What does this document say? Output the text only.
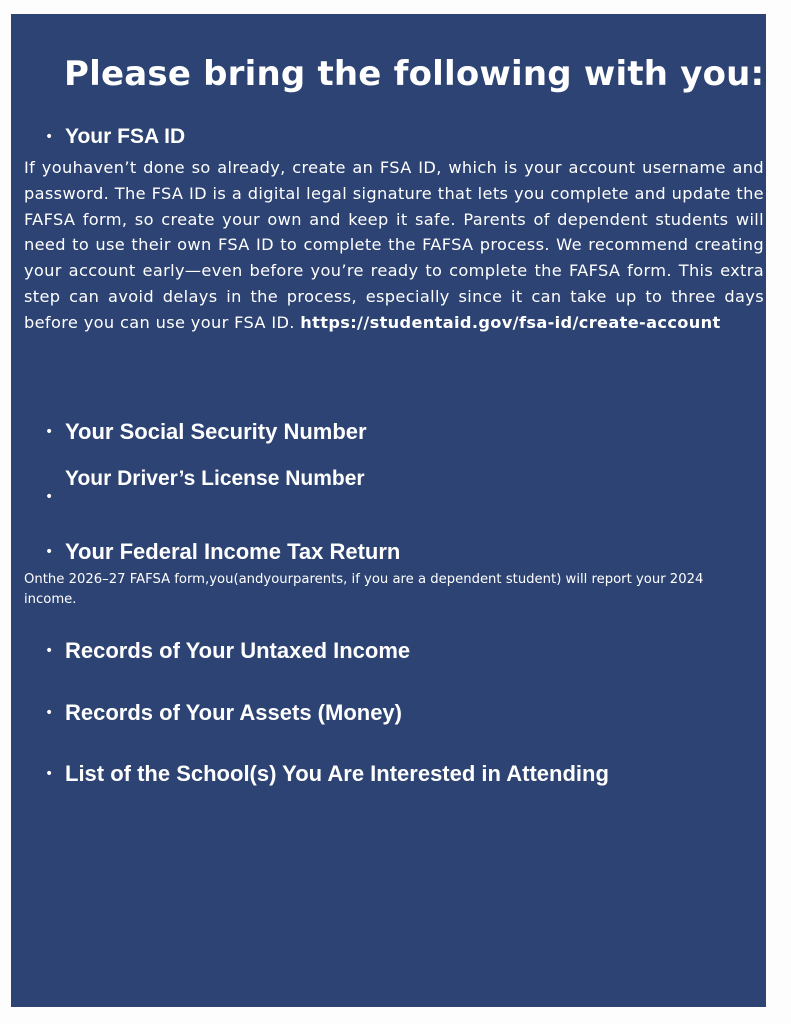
Please bring the following with you:
• Your FSA ID

If youhaven’t done so already, create an FSA ID, which is your account username and password. The FSA ID is a digital legal signature that lets you complete and update the FAFSA form, so create your own and keep it safe. Parents of dependent students will need to use their own FSA ID to complete the FAFSA process. We recommend creating your account early—even before you’re ready to complete the FAFSA form. This extra step can avoid delays in the process, especially since it can take up to three days before you can use your FSA ID. https://studentaid.gov/fsa-id/create-account

• Your Social Security Number
•
Your Driver’s License Number
• Your Federal Income Tax Return

Onthe 2026–27 FAFSA form,you(andyourparents, if you are a dependent student) will report your 2024 income.

• Records of Your Untaxed Income
• Records of Your Assets (Money)
• List of the School(s) You Are Interested in Attending
